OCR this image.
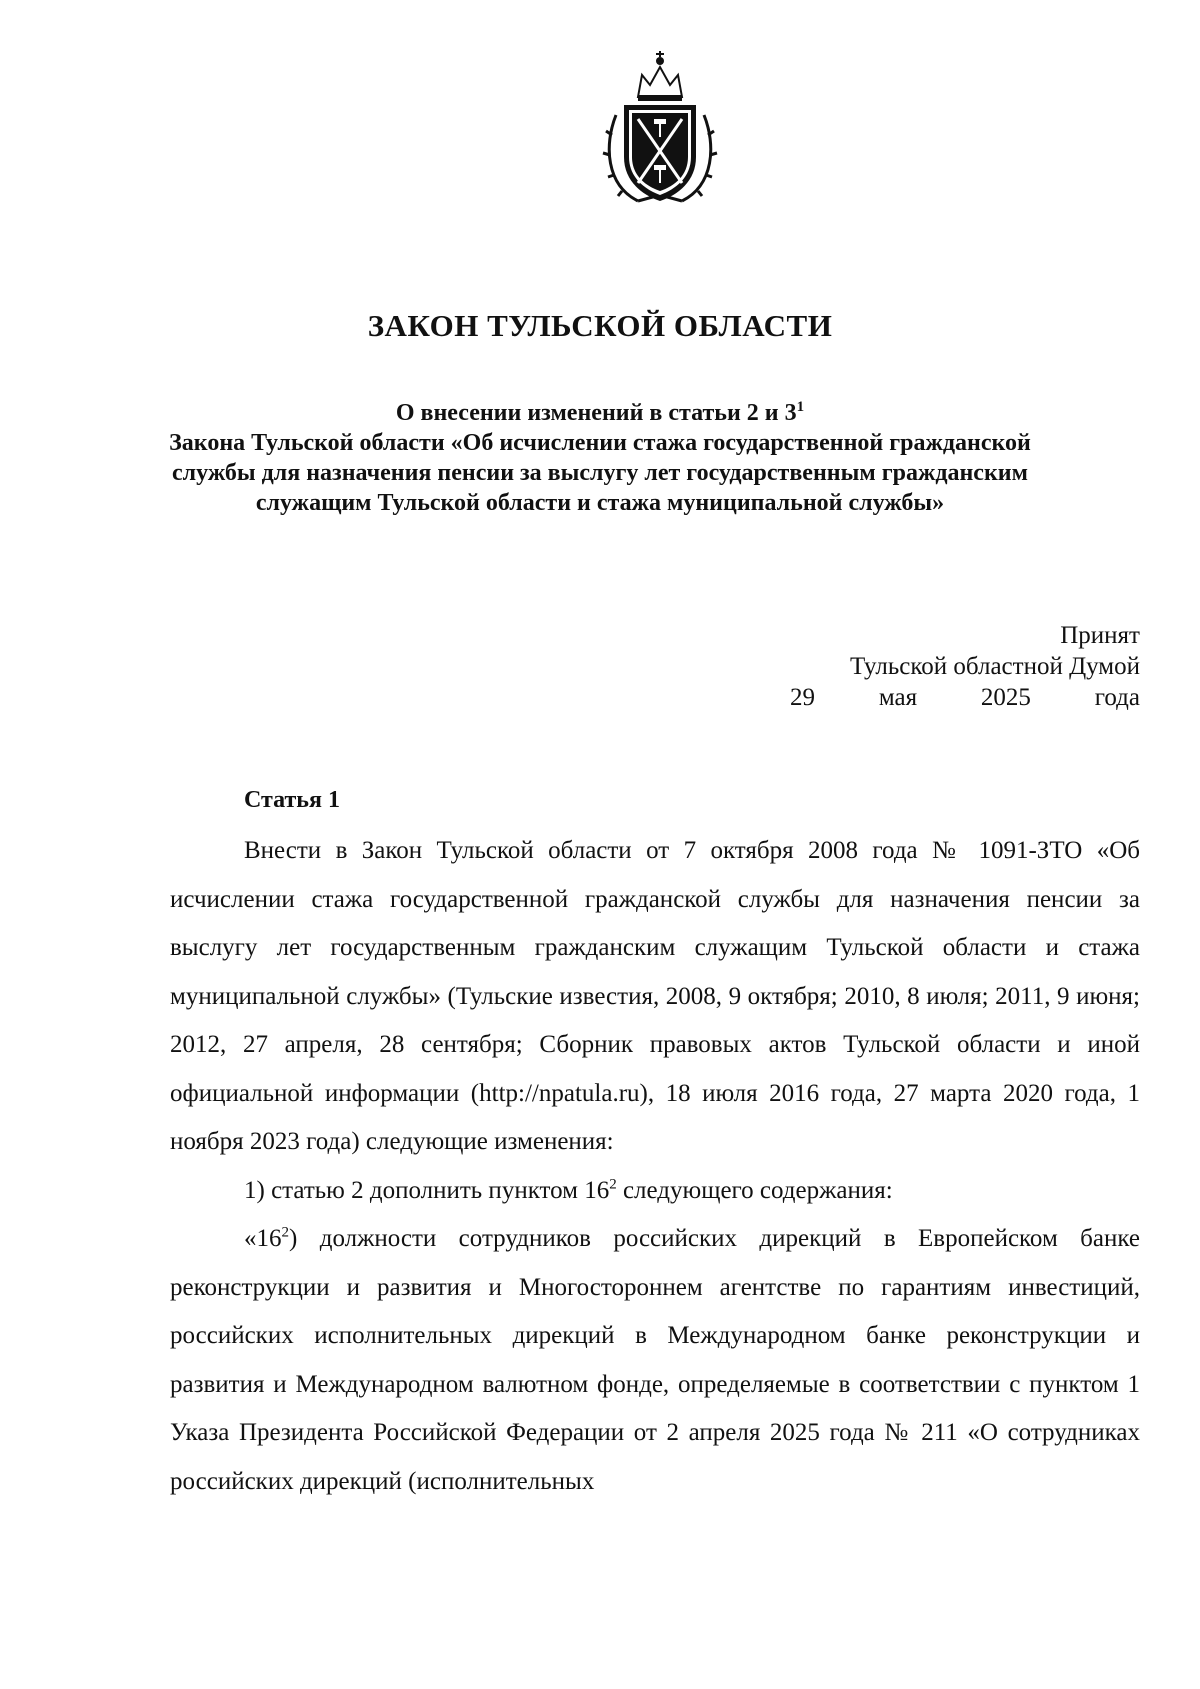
ЗАКОН ТУЛЬСКОЙ ОБЛАСТИ
О внесении изменений в статьи 2 и $3^1$
Закона Тульской области «Об исчислении стажа государственной гражданской службы для назначения пенсии за выслугу лет государственным гражданским служащим Тульской области и стажа муниципальной службы»
Принят
Тульской областной Думой
29	мая	2025	года
Статья 1

Внести в Закон Тульской области от 7 октября 2008 года № 1091-ЗТО «Об исчислении стажа государственной гражданской службы для назначения пенсии за выслугу лет государственным гражданским служащим Тульской области и стажа муниципальной службы» (Тульские известия, 2008, 9 октября; 2010, 8 июля; 2011, 9 июня; 2012, 27 апреля, 28 сентября; Сборник правовых актов Тульской области и иной официальной информации (http://npatula.ru), 18 июля 2016 года, 27 марта 2020 года, 1 ноября 2023 года) следующие изменения:

1) статью 2 дополнить пунктом $16^2$ следующего содержания:

«$16^2$) должности сотрудников российских дирекций в Европейском банке реконструкции и развития и Многостороннем агентстве по гарантиям инвестиций, российских исполнительных дирекций в Международном банке реконструкции и развития и Международном валютном фонде, определяемые в соответствии с пунктом 1 Указа Президента Российской Федерации от 2 апреля 2025 года № 211 «О сотрудниках российских дирекций (исполнительных
